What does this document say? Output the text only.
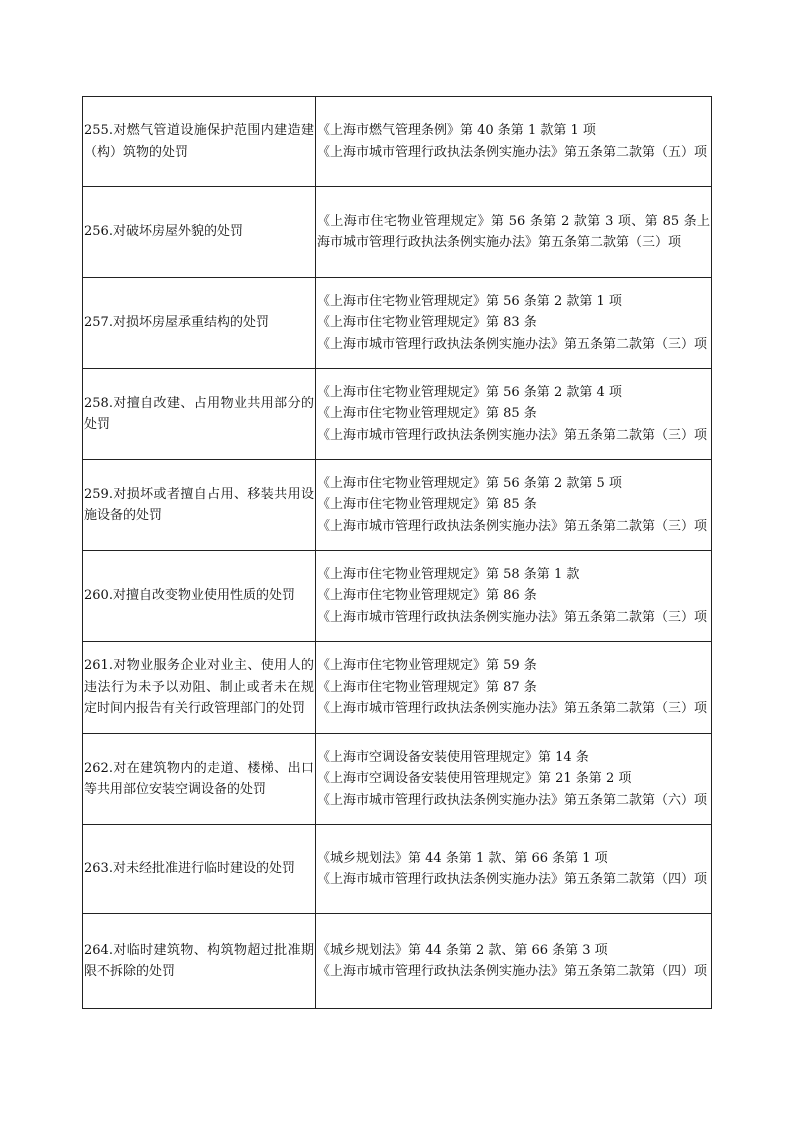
255.对燃气管道设施保护范围内建造建（构）筑物的处罚	《上海市燃气管理条例》第 40 条第 1 款第 1 项
《上海市城市管理行政执法条例实施办法》第五条第二款第（五）项

256.对破坏房屋外貌的处罚	《上海市住宅物业管理规定》第 56 条第 2 款第 3 项、第 85 条上海市城市管理行政执法条例实施办法》第五条第二款第（三）项

257.对损坏房屋承重结构的处罚	《上海市住宅物业管理规定》第 56 条第 2 款第 1 项
《上海市住宅物业管理规定》第 83 条
《上海市城市管理行政执法条例实施办法》第五条第二款第（三）项

258.对擅自改建、占用物业共用部分的处罚	《上海市住宅物业管理规定》第 56 条第 2 款第 4 项
《上海市住宅物业管理规定》第 85 条
《上海市城市管理行政执法条例实施办法》第五条第二款第（三）项

259.对损坏或者擅自占用、移装共用设施设备的处罚	《上海市住宅物业管理规定》第 56 条第 2 款第 5 项
《上海市住宅物业管理规定》第 85 条
《上海市城市管理行政执法条例实施办法》第五条第二款第（三）项

260.对擅自改变物业使用性质的处罚	《上海市住宅物业管理规定》第 58 条第 1 款
《上海市住宅物业管理规定》第 86 条
《上海市城市管理行政执法条例实施办法》第五条第二款第（三）项

261.对物业服务企业对业主、使用人的违法行为未予以劝阻、制止或者未在规定时间内报告有关行政管理部门的处罚	《上海市住宅物业管理规定》第 59 条
《上海市住宅物业管理规定》第 87 条
《上海市城市管理行政执法条例实施办法》第五条第二款第（三）项

262.对在建筑物内的走道、楼梯、出口等共用部位安装空调设备的处罚	《上海市空调设备安装使用管理规定》第 14 条
《上海市空调设备安装使用管理规定》第 21 条第 2 项
《上海市城市管理行政执法条例实施办法》第五条第二款第（六）项

263.对未经批准进行临时建设的处罚	《城乡规划法》第 44 条第 1 款、第 66 条第 1 项
《上海市城市管理行政执法条例实施办法》第五条第二款第（四）项

264.对临时建筑物、构筑物超过批准期限不拆除的处罚	《城乡规划法》第 44 条第 2 款、第 66 条第 3 项
《上海市城市管理行政执法条例实施办法》第五条第二款第（四）项
